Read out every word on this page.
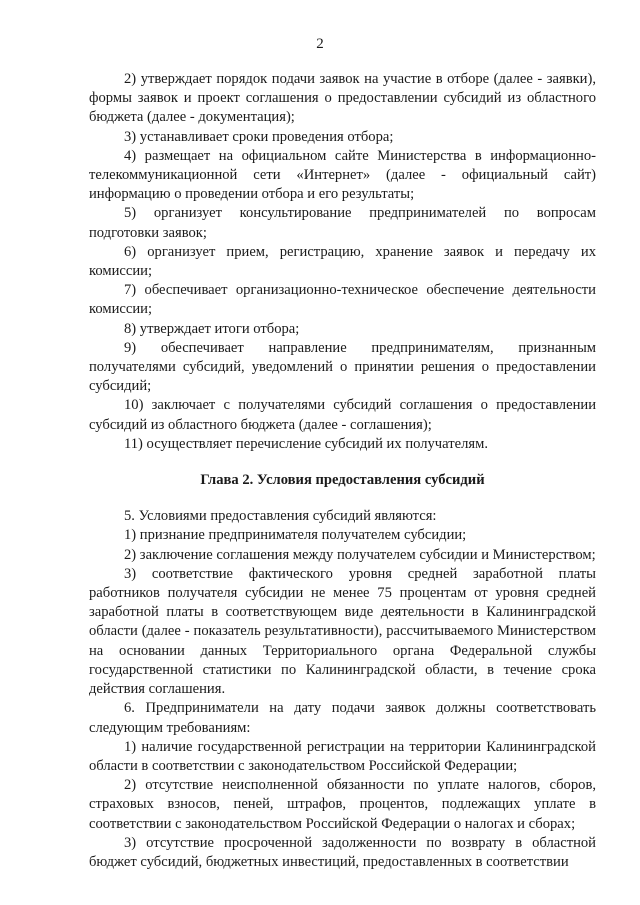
2

2) утверждает порядок подачи заявок на участие в отборе (далее - заявки), формы заявок и проект соглашения о предоставлении субсидий из областного бюджета (далее - документация);

3) устанавливает сроки проведения отбора;

4) размещает на официальном сайте Министерства в информационно-телекоммуникационной сети «Интернет» (далее - официальный сайт) информацию о проведении отбора и его результаты;

5) организует консультирование предпринимателей по вопросам подготовки заявок;

6) организует прием, регистрацию, хранение заявок и передачу их комиссии;

7) обеспечивает организационно-техническое обеспечение деятельности комиссии;

8) утверждает итоги отбора;

9) обеспечивает направление предпринимателям, признанным получателями субсидий, уведомлений о принятии решения о предоставлении субсидий;

10) заключает с получателями субсидий соглашения о предоставлении субсидий из областного бюджета (далее - соглашения);

11) осуществляет перечисление субсидий их получателям.

Глава 2. Условия предоставления субсидий

5. Условиями предоставления субсидий являются:

1) признание предпринимателя получателем субсидии;

2) заключение соглашения между получателем субсидии и Министерством;

3) соответствие фактического уровня средней заработной платы работников получателя субсидии не менее 75 процентам от уровня средней заработной платы в соответствующем виде деятельности в Калининградской области (далее - показатель результативности), рассчитываемого Министерством на основании данных Территориального органа Федеральной службы государственной статистики по Калининградской области, в течение срока действия соглашения.

6. Предприниматели на дату подачи заявок должны соответствовать следующим требованиям:

1) наличие государственной регистрации на территории Калининградской области в соответствии с законодательством Российской Федерации;

2) отсутствие неисполненной обязанности по уплате налогов, сборов, страховых взносов, пеней, штрафов, процентов, подлежащих уплате в соответствии с законодательством Российской Федерации о налогах и сборах;

3) отсутствие просроченной задолженности по возврату в областной бюджет субсидий, бюджетных инвестиций, предоставленных в соответствии
